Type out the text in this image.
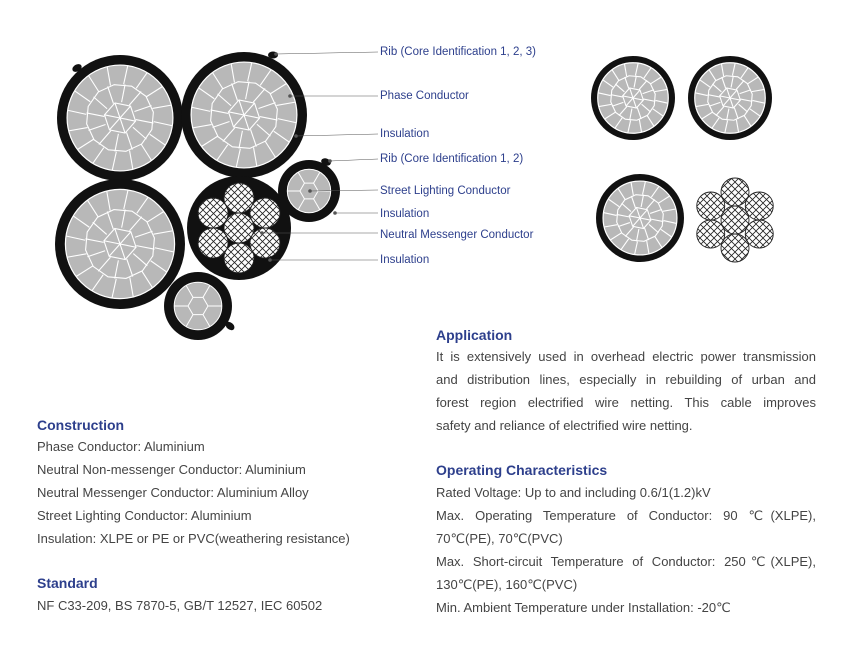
Rib (Core Identification 1, 2, 3)
Phase Conductor
Insulation
Rib (Core Identification 1, 2)
Street Lighting Conductor
Insulation
Neutral Messenger Conductor
Insulation
Application
It is extensively used in overhead electric power transmission
and distribution lines, especially in rebuilding of urban and
forest region electrified wire netting. This cable improves
safety and reliance of electrified wire netting.
Construction
Phase Conductor: Aluminium
Neutral Non-messenger Conductor: Aluminium
Neutral Messenger Conductor: Aluminium Alloy
Street Lighting Conductor: Aluminium
Insulation: XLPE or PE or PVC(weathering resistance)
Standard
NF C33-209, BS 7870-5, GB/T 12527, IEC 60502
Operating Characteristics
Rated Voltage: Up to and including 0.6/1(1.2)kV
Max. Operating Temperature of Conductor: 90 ℃(XLPE),
70℃(PE), 70℃(PVC)
Max. Short-circuit Temperature of Conductor: 250℃(XLPE),
130℃(PE), 160℃(PVC)
Min. Ambient Temperature under Installation: -20℃
